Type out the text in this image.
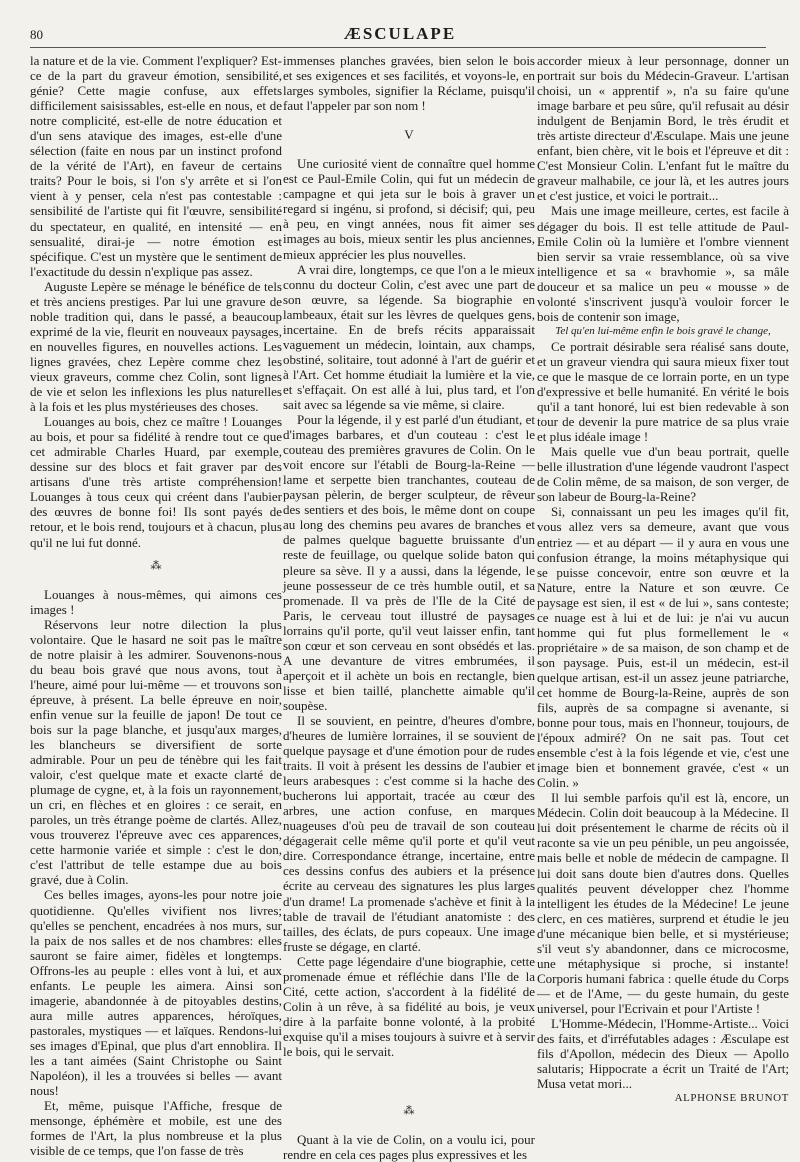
80	ÆSCULAPE

la nature et de la vie. Comment l'expliquer? Est-ce de la part du graveur émotion, sensibilité, génie? Cette magie confuse, aux effets difficilement saisissables, est-elle en nous, et de notre complicité, est-elle de notre éducation et d'un sens atavique des images, est-elle d'une sélection (faite en nous par un instinct profond de la vérité de l'Art), en faveur de certains traits? Pour le bois, si l'on s'y arrête et si l'on vient à y penser, cela n'est pas contestable : sensibilité de l'artiste qui fit l'œuvre, sensibilité du spectateur, en qualité, en intensité — en sensualité, dirai-je — notre émotion est spécifique. C'est un mystère que le sentiment de l'exactitude du dessin n'explique pas assez.

Auguste Lepère se ménage le bénéfice de tels et très anciens prestiges. Par lui une gravure de noble tradition qui, dans le passé, a beaucoup exprimé de la vie, fleurit en nouveaux paysages, en nouvelles figures, en nouvelles actions. Les lignes gravées, chez Lepère comme chez les vieux graveurs, comme chez Colin, sont lignes de vie et selon les inflexions les plus naturelles à la fois et les plus mystérieuses des choses.

Louanges au bois, chez ce maître ! Louanges au bois, et pour sa fidélité à rendre tout ce que cet admirable Charles Huard, par exemple, dessine sur des blocs et fait graver par des artisans d'une très artiste compréhension! Louanges à tous ceux qui créent dans l'aubier des œuvres de bonne foi! Ils sont payés de retour, et le bois rend, toujours et à chacun, plus qu'il ne lui fut donné.

⁂

Louanges à nous-mêmes, qui aimons ces images !

Réservons leur notre dilection la plus volontaire. Que le hasard ne soit pas le maître de notre plaisir à les admirer. Souvenons-nous du beau bois gravé que nous avons, tout à l'heure, aimé pour lui-même — et trouvons son épreuve, à présent. La belle épreuve en noir, enfin venue sur la feuille de japon! De tout ce bois sur la page blanche, et jusqu'aux marges, les blancheurs se diversifient de sorte admirable. Pour un peu de ténèbre qui les fait valoir, c'est quelque mate et exacte clarté de plumage de cygne, et, à la fois un rayonnement, un cri, en flèches et en gloires : ce serait, en paroles, un très étrange poème de clartés. Allez, vous trouverez l'épreuve avec ces apparences, cette harmonie variée et simple : c'est le don, c'est l'attribut de telle estampe due au bois gravé, due à Colin.

Ces belles images, ayons-les pour notre joie quotidienne. Qu'elles vivifient nos livres; qu'elles se penchent, encadrées à nos murs, sur la paix de nos salles et de nos chambres: elles sauront se faire aimer, fidèles et longtemps. Offrons-les au peuple : elles vont à lui, et aux enfants. Le peuple les aimera. Ainsi son imagerie, abandonnée à de pitoyables destins, aura mille autres apparences, héroïques, pastorales, mystiques — et laïques. Rendons-lui ses images d'Epinal, que plus d'art ennoblira. Il les a tant aimées (Saint Christophe ou Saint Napoléon), il les a trouvées si belles — avant nous!

Et, même, puisque l'Affiche, fresque de mensonge, éphémère et mobile, est une des formes de l'Art, la plus nombreuse et la plus visible de ce temps, que l'on fasse de très

immenses planches gravées, bien selon le bois et ses exigences et ses facilités, et voyons-le, en larges symboles, signifier la Réclame, puisqu'il faut l'appeler par son nom !

V

Une curiosité vient de connaître quel homme est ce Paul-Emile Colin, qui fut un médecin de campagne et qui jeta sur le bois à graver un regard si ingénu, si profond, si décisif; qui, peu à peu, en vingt années, nous fit aimer ses images au bois, mieux sentir les plus anciennes, mieux apprécier les plus nouvelles.

A vrai dire, longtemps, ce que l'on a le mieux connu du docteur Colin, c'est avec une part de son œuvre, sa légende. Sa biographie en lambeaux, était sur les lèvres de quelques gens, incertaine. En de brefs récits apparaissait vaguement un médecin, lointain, aux champs, obstiné, solitaire, tout adonné à l'art de guérir et à l'Art. Cet homme étudiait la lumière et la vie, et s'effaçait. On est allé à lui, plus tard, et l'on sait avec sa légende sa vie même, si claire.

Pour la légende, il y est parlé d'un étudiant, et d'images barbares, et d'un couteau : c'est le couteau des premières gravures de Colin. On le voit encore sur l'établi de Bourg-la-Reine — lame et serpette bien tranchantes, couteau de paysan pèlerin, de berger sculpteur, de rêveur des sentiers et des bois, le même dont on coupe au long des chemins peu avares de branches et de palmes quelque baguette bruissante d'un reste de feuillage, ou quelque solide baton qui pleure sa sève. Il y a aussi, dans la légende, le jeune possesseur de ce très humble outil, et sa promenade. Il va près de l'Ile de la Cité de Paris, le cerveau tout illustré de paysages lorrains qu'il porte, qu'il veut laisser enfin, tant son cœur et son cerveau en sont obsédés et las. A une devanture de vitres embrumées, il aperçoit et il achète un bois en rectangle, bien lisse et bien taillé, planchette aimable qu'il soupèse.

Il se souvient, en peintre, d'heures d'ombre, d'heures de lumière lorraines, il se souvient de quelque paysage et d'une émotion pour de rudes traits. Il voit à présent les dessins de l'aubier et leurs arabesques : c'est comme si la hache des bucherons lui apportait, tracée au cœur des arbres, une action confuse, en marques nuageuses d'où peu de travail de son couteau dégagerait celle même qu'il porte et qu'il veut dire. Correspondance étrange, incertaine, entre ces dessins confus des aubiers et la présence écrite au cerveau des signatures les plus larges d'un drame! La promenade s'achève et finit à la table de travail de l'étudiant anatomiste : des tailles, des éclats, de purs copeaux. Une image fruste se dégage, en clarté.

Cette page légendaire d'une biographie, cette promenade émue et réfléchie dans l'Ile de la Cité, cette action, s'accordent à la fidélité de Colin à un rêve, à sa fidélité au bois, je veux dire à la parfaite bonne volonté, à la probité exquise qu'il a mises toujours à suivre et à servir le bois, qui le servait.

⁂

Quant à la vie de Colin, on a voulu ici, pour rendre en cela ces pages plus expressives et les

accorder mieux à leur personnage, donner un portrait sur bois du Médecin-Graveur. L'artisan choisi, un « apprentif », n'a su faire qu'une image barbare et peu sûre, qu'il refusait au désir indulgent de Benjamin Bord, le très érudit et très artiste directeur d'Æsculape. Mais une jeune enfant, bien chère, vit le bois et l'épreuve et dit : C'est Monsieur Colin. L'enfant fut le maître du graveur malhabile, ce jour là, et les autres jours et c'est justice, et voici le portrait...

Mais une image meilleure, certes, est facile à dégager du bois. Il est telle attitude de Paul-Emile Colin où la lumière et l'ombre viennent bien servir sa vraie ressemblance, où sa vive intelligence et sa « bravhomie », sa mâle douceur et sa malice un peu « mousse » de volonté s'inscrivent jusqu'à vouloir forcer le bois de contenir son image,

Tel qu'en lui-même enfin le bois gravé le change,

Ce portrait désirable sera réalisé sans doute, et un graveur viendra qui saura mieux fixer tout ce que le masque de ce lorrain porte, en un type d'expressive et belle humanité. En vérité le bois qu'il a tant honoré, lui est bien redevable à son tour de devenir la pure matrice de sa plus vraie et plus idéale image !

Mais quelle vue d'un beau portrait, quelle belle illustration d'une légende vaudront l'aspect de Colin même, de sa maison, de son verger, de son labeur de Bourg-la-Reine?

Si, connaissant un peu les images qu'il fit, vous allez vers sa demeure, avant que vous entriez — et au départ — il y aura en vous une confusion étrange, la moins métaphysique qui se puisse concevoir, entre son œuvre et la Nature, entre la Nature et son œuvre. Ce paysage est sien, il est « de lui », sans conteste; ce nuage est à lui et de lui: je n'ai vu aucun homme qui fut plus formellement le « propriétaire » de sa maison, de son champ et de son paysage. Puis, est-il un médecin, est-il quelque artisan, est-il un assez jeune patriarche, cet homme de Bourg-la-Reine, auprès de son fils, auprès de sa compagne si avenante, si bonne pour tous, mais en l'honneur, toujours, de l'époux admiré? On ne sait pas. Tout cet ensemble c'est à la fois légende et vie, c'est une image bien et bonnement gravée, c'est « un Colin. »

Il lui semble parfois qu'il est là, encore, un Médecin. Colin doit beaucoup à la Médecine. Il lui doit présentement le charme de récits où il raconte sa vie un peu pénible, un peu angoissée, mais belle et noble de médecin de campagne. Il lui doit sans doute bien d'autres dons. Quelles qualités peuvent développer chez l'homme intelligent les études de la Médecine! Le jeune clerc, en ces matières, surprend et étudie le jeu d'une mécanique bien belle, et si mystérieuse; s'il veut s'y abandonner, dans ce microcosme, une métaphysique si proche, si instante! Corporis humani fabrica : quelle étude du Corps — et de l'Ame, — du geste humain, du geste universel, pour l'Ecrivain et pour l'Artiste !

L'Homme-Médecin, l'Homme-Artiste... Voici des faits, et d'irréfutables adages : Æsculape est fils d'Apollon, médecin des Dieux — Apollo salutaris; Hippocrate a écrit un Traité de l'Art; Musa vetat mori...

ALPHONSE BRUNOT
